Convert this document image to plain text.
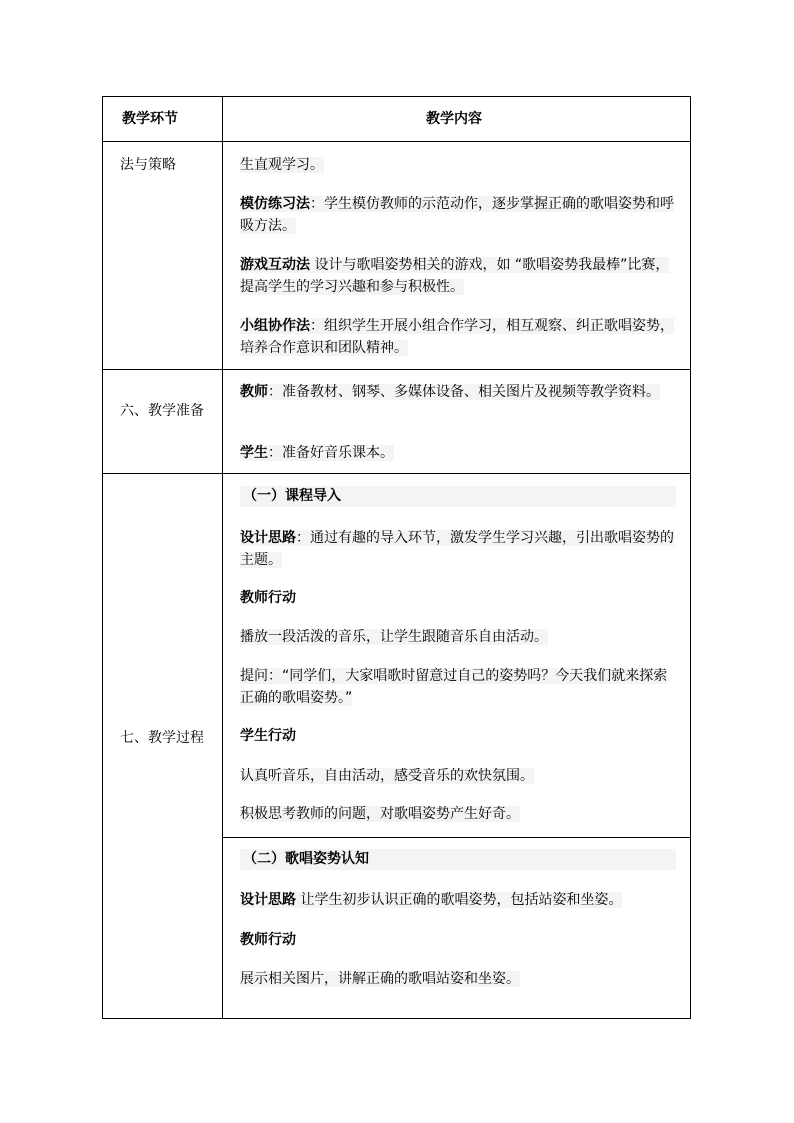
教学环节	教学内容
法与策略	生直观学习。
模仿练习法：学生模仿教师的示范动作，逐步掌握正确的歌唱姿势和呼吸方法。
游戏互动法 设计与歌唱姿势相关的游戏，如 “歌唱姿势我最棒”比赛，提高学生的学习兴趣和参与积极性。
小组协作法：组织学生开展小组合作学习，相互观察、纠正歌唱姿势，培养合作意识和团队精神。
六、教学准备
教师：准备教材、钢琴、多媒体设备、相关图片及视频等教学资料。
学生：准备好音乐课本。
七、教学过程
（一）课程导入
设计思路：通过有趣的导入环节，激发学生学习兴趣，引出歌唱姿势的主题。
教师行动
播放一段活泼的音乐，让学生跟随音乐自由活动。
提问：“同学们，大家唱歌时留意过自己的姿势吗？今天我们就来探索正确的歌唱姿势。”
学生行动
认真听音乐，自由活动，感受音乐的欢快氛围。
积极思考教师的问题，对歌唱姿势产生好奇。
（二）歌唱姿势认知
设计思路 让学生初步认识正确的歌唱姿势，包括站姿和坐姿。
教师行动
展示相关图片，讲解正确的歌唱站姿和坐姿。
